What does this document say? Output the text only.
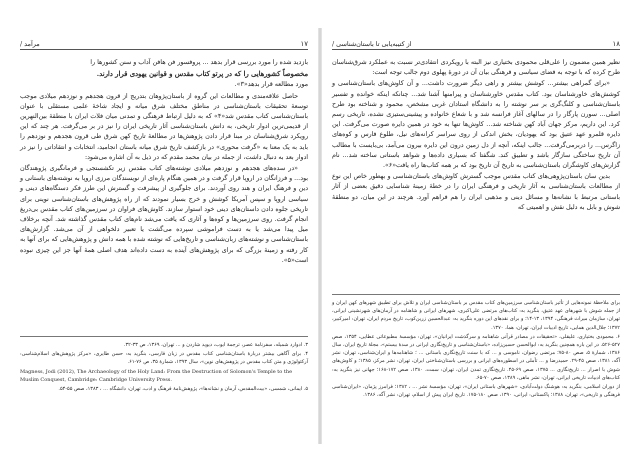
۱۷
مرآمد /

بازدید شده را مورد بررسی قرار بدهد ... پروفسور فن هافن آداب و سنن کشورها را

مخصوصاً کشورهایی را که در پرتو کتاب مقدس و قوانین یهودی قرار دارند.

مورد مطالعه قرار بدهد«۳».

حاصل علاقه‌مندی و مطالعات این گروه از باستان‌پژوهان بتدریج از قرون هجدهم و نوزدهم میلادی موجب توسعهٔ تحقیقات باستان‌شناسی در مناطق مختلف شرق میانه و ایجاد شاخهٔ علمی مستقلی با عنوان باستان‌شناسی کتاب مقدس شد«۴» که به دلیل ارتباط فرهنگی و تمدنی میان فلات ایران با منطقهٔ بین‌النهرین از قدیمی‌ترین ادوار تاریخی، به دانش باستان‌شناسی آثار تاریخی ایران را نیز در بر می‌گرفت. هر چند که این رویکرد شرق‌شناسان در مبنا قرار دادن پژوهش‌ها در مطالعهٔ تاریخ کهن شرق طی قرون هجدهم و نوزدهم را باید به یک معنا به «گرفت محوری» در بازکشف تاریخ شرق میانه باستان انجامید، انتخابات و انتقاداتی را نیز در ادوار بعد به دنبال داشت، از جمله در بیان محمد مقدم که در ذیل به آن اشاره می‌شود:

«در سده‌های هجدهم و نوزدهم میلادی نوشته‌های کتاب مقدس زیر تکشستجی و فرمانگیری پژوهندگان بود... و فرزانگان در اروپا قرار گرفت و در همین هنگام پاره‌ای از نویسندگان مرزی اروپا به نوشته‌های باستانی و دین و فرهنگ ایران و هند روی آوردند. برای جلوگیری از پیشرفت و گسترش این طرز فکر دستگاه‌های دینی و سیاسی اروپا و سپس آمریکا کوشش و خرج بسیار نمودند که از راه پژوهش‌های باستان‌شناسی نوینی برای تاریخی جلوه دادن داستان‌های دینی خود استوار سازند. کاوش‌های فراوان در سرزمین‌های کتاب مقدس بی‌دریغ انجام گرفت. روی سرزمین‌ها و کوه‌ها و آثاری که یافت می‌شد نام‌های کتاب مقدس گذاشته شد. آنچه برخلاف میل پیدا می‌شد یا به دست فراموشی سپرده می‌گشت یا تعبیر دلخواهی از آن می‌شد. گزارش‌های باستان‌شناسی و نوشته‌های زبان‌شناسی و تاریخ‌هایی که نوشته شده با همه دانش و پژوهش‌هایی که برای آنها به کار رفته و زمینهٔ بزرگی که برای پژوهش‌های آینده به دست داده‌اند هدف اصلی همهٔ آنها جز این چیزی نبوده است«۵».

۳. ادوارد شمیله، سفرنامهٔ عصر، ترجمهٔ ایوب، دیوید شاردن و ... تهران، ۱۳۶۹، ص ۳۳-۳۲.

۴. برای آگاهی بیشتر دربارهٔ باستان‌شناسی کتاب مقدس در زبان فارسی، بنگرید به: حسن طایری، «مرکز پژوهش‌های اسلام‌شناسی: آرکئولوژی و متن کتاب مقدس در پژوهش‌های نوین»، سال ۱۳۹۳، شمارهٔ ۳۵، ص ۷۶-۶۱.

Magness, Jodi (2012), The Archaeology of the Holy Land: From the Destruction of Solomon's Temple to the Muslim Conquest, Cambridge: Cambridge University Press.

۵. ایمانی، شمسی، «بیت‌المقدس، آرمان و نشانه‌ها»، پژوهش‌نامهٔ فرهنگ و ادب، تهران: دانشگاه ... ، ۱۳۸۳، صص ۵۵-۵۴.

۱۸
از کتیبه‌یابی تا باستان‌شناسی /

نظیر همین مضمون را علی‌قلی محمودی بختیاری نیز البته با رویکردی انتقادی‌تر نسبت به عملکرد شرق‌شناسان طرح کرده که با توجه به فضای سیاسی و فرهنگی بیان آن در دورهٔ پهلوی دوم جالب توجه است:

«برای گمراهی بیشتر... کوشش بیشتر و راهی دیگر ضرورت داشت... و آن کاوش‌های باستان‌شناسی و کوشش‌های خاورشناسان بود. کتاب مقدس خاورشناسان و پیرامنها آشنا شد... چنانکه اینکه خوانده و تفسیر باستان‌شناسی و کلنگ‌گری بر سر نوشته را به دانشگاه استادان غربی مشخص، محمود و شناخته بود طرح اصلی... سورن پارگار را در سالهای آغاز فرانسه شد و با شعاع خانواده و پیشینی‌ستیزی نشده، تاریخی رسم کرد. این داریم، مرکز جهان آباد کهن شناخته شد... کاوش‌ها تنها به خود در همین دایره صورت می‌گرفت. این دایره قلمرو عهد عتیق بود که یهودیان، بخش اندکی از روی سراسر کرانه‌های نیل، طلوع فارس و کوه‌های زاگرس... را دربرمی‌گرفت... جالب اینکه، آنچه از دل زمین درون این دایره بیرون می‌آمد، بی‌بایست با مطالب آن تاریخ ساختگی سازگار باشد و تطبیق کند. شگفتا که بسیاری داده‌ها و شواهد باستانی ساخته شد... نام گزارش‌های کاوشگران باستان‌شناسی به تاریخ آن تاریخ بود که بر همه کتاب‌ها راه یافت«۶».

بدین سان باستان‌پژوهی‌های کتاب مقدس موجب گسترش کاوش‌های باستان‌شناسی و بهطور خاص این نوع از مطالعات باستان‌شناسی به آثار تاریخی و فرهنگی ایران را در خطهٔ زمینهٔ شناسایی دقیق بعضی از آثار باستانی مرتبط با نشانه‌ها و مسائل دینی و مذهبی ایران را هم فراهم آورد. هرچند در این میان، دو منطقهٔ شوش و بابل به دلیل نقش و اهمیتی که

برای ملاحظهٔ نمونه‌هایی از تأثیر باستان‌شناسی سرزمین‌های کتاب مقدس بر باستان‌شناسی ایران و تلاش برای تطبیق شهرهای کهن ایران و از جمله شوش با شهرهای عهد عتیق، بنگرید به: کتاب‌های مرتضی علی‌اکبری، شهرهای ایرانی و شاهنامه در آرمان‌های شهرنشینی ایرانی، تهران: سازمان میراث فرهنگی، ۱۳۹۴، ۱۳-۱۴؛ و برای نقدهای این دوره بنگرید به: عبدالحسین زرین‌کوب، تاریخ مردم ایران، تهران: امیرکبیر، ۱۳۷۲؛ جلال‌الدین همایی، تاریخ ادبیات ایران، تهران: هما، ۱۳۷۰.

۶. محمودی بختیاری، علیقلی، «تحقیقات در مصادر قرآنی شاهنامه و سرگذشت ایرانیان»، تهران: مؤسسهٔ مطبوعاتی عطایی، ۱۳۵۴، صص ۵۲۷-۵۲۶. در این باره همچنین بنگرید به: ابوالحسن حسین‌زاده، «باستان‌شناسی و تاریخ‌نگاری ایرانی در سدهٔ بیستم»، مجلهٔ تاریخ ایران، سال ۱۳۸۶، شمارهٔ ۵، صص ۸۰-۷۵؛ مرتضی رضوان، ناموسی و ... که با سنت تاریخ‌نگاری باستانی ... ؛ شاهنامه‌ها و ایران‌شناسی، تهران: نشر آگه، ۱۳۸۱، صص ۴۵-۲۹. حمیدرضا و ... تأملی در اسطوره‌های ایرانی و بررسی باستان‌شناختی ایران، تهران: نشر مرکز، ۱۳۸۵؛ و کاوش‌های شوش با اصرار ... تاریخ‌نگاری ... ۱۳۷۵، صص ۶۹-۴۵. تاریخ‌نگاری تمدن ایران، تهران: سمت، ۱۳۸۰، صص ۱۷۲-۱۶۸؛ جهانی نیز بنگرید به: کتاب‌های ادبیات تاریخی ایرانی، تهران: نشر ماهی، ۱۳۸۹، صص ۷۰-۶۵.

از دوران اسلامی، بنگرید به: هوشنگ دولت‌آبادی، «شهرهای باستانی ایران»، تهران: مؤسسهٔ نشر ... ، ۱۳۸۲؛ فرامرز پژمان، «ایران‌شناسی فرهنگی و تاریخی»، تهران، ۱۳۸۸؛ پاکستانی: ایرانی، ۱۳۹۰، صص ۱۸۰-۱۷۵. تاریخ ایران پیش از اسلام، تهران: نشر آگه، ۱۳۸۶.
